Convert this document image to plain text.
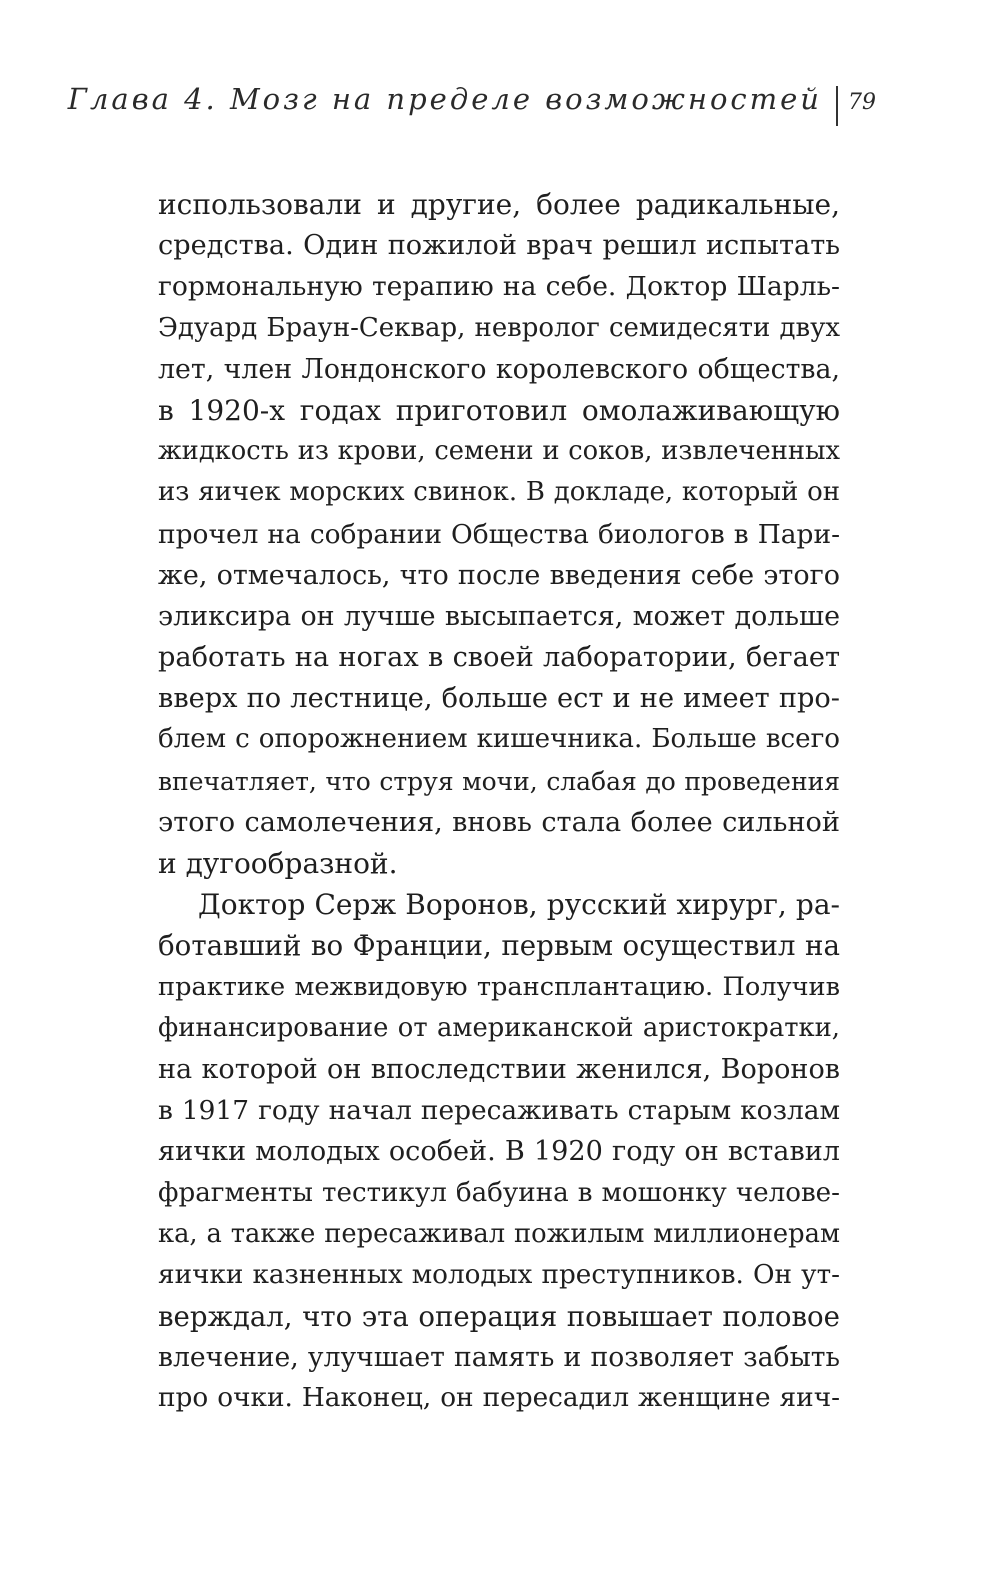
Глава 4. Мозг на пределе возможностей 79
использовали и другие, более радикальные,
средства. Один пожилой врач решил испытать
гормональную терапию на себе. Доктор Шарль-
Эдуард Браун-Секвар, невролог семидесяти двух
лет, член Лондонского королевского общества,
в 1920-х годах приготовил омолаживающую
жидкость из крови, семени и соков, извлеченных
из яичек морских свинок. В докладе, который он
прочел на собрании Общества биологов в Пари-
же, отмечалось, что после введения себе этого
эликсира он лучше высыпается, может дольше
работать на ногах в своей лаборатории, бегает
вверх по лестнице, больше ест и не имеет про-
блем с опорожнением кишечника. Больше всего
впечатляет, что струя мочи, слабая до проведения
этого самолечения, вновь стала более сильной
и дугообразной.
Доктор Серж Воронов, русский хирург, ра-
ботавший во Франции, первым осуществил на
практике межвидовую трансплантацию. Получив
финансирование от американской аристократки,
на которой он впоследствии женился, Воронов
в 1917 году начал пересаживать старым козлам
яички молодых особей. В 1920 году он вставил
фрагменты тестикул бабуина в мошонку челове-
ка, а также пересаживал пожилым миллионерам
яички казненных молодых преступников. Он ут-
верждал, что эта операция повышает половое
влечение, улучшает память и позволяет забыть
про очки. Наконец, он пересадил женщине яич-
